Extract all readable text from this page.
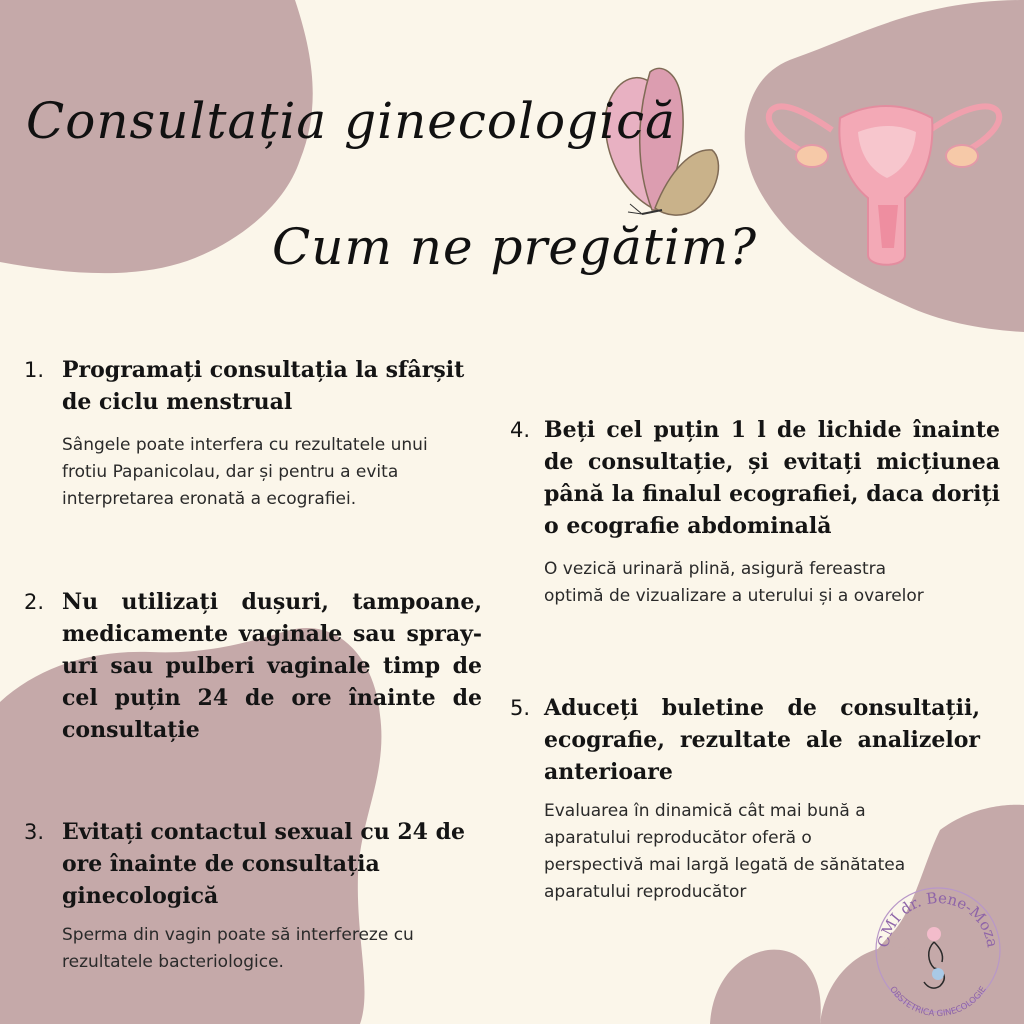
Consultația ginecologică
Cum ne pregătim?
1. Programați consultația la sfârșit de ciclu menstrual

Sângele poate interfera cu rezultatele unui frotiu Papanicolau, dar și pentru a evita interpretarea eronată a ecografiei.

2. Nu utilizați dușuri, tampoane, medicamente vaginale sau spray-uri sau pulberi vaginale timp de cel puțin 24 de ore înainte de consultație

3. Evitați contactul sexual cu 24 de ore înainte de consultația ginecologică

Sperma din vagin poate să interfereze cu rezultatele bacteriologice.

4. Beți cel puțin 1 l de lichide înainte de consultație, și evitați micțiunea până la finalul ecografiei, daca doriți o ecografie abdominală

O vezică urinară plină, asigură fereastra optimă de vizualizare a uterului și a ovarelor

5. Aduceți buletine de consultații, ecografie, rezultate ale analizelor anterioare

Evaluarea în dinamică cât mai bună a aparatului reproducător oferă o perspectivă mai largă legată de sănătatea aparatului reproducător

CMI dr. Bene-Moza
OBSTETRICA GINECOLOGIE
